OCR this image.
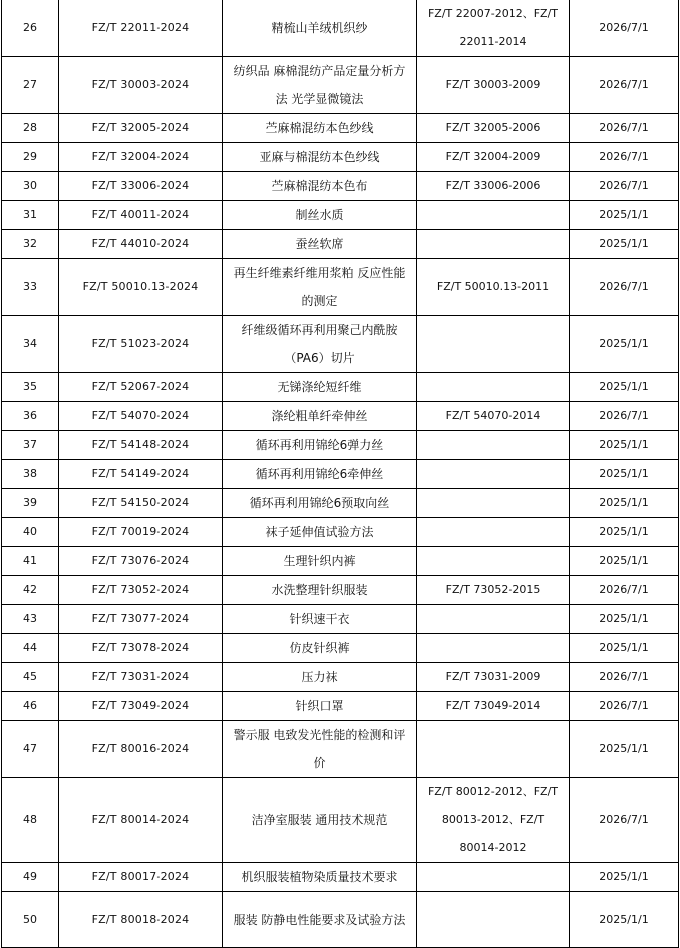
26	FZ/T 22011-2024	精梳山羊绒机织纱	FZ/T 22007-2012、FZ/T 22011-2014	2026/7/1
27	FZ/T 30003-2024	纺织品 麻棉混纺产品定量分析方法 光学显微镜法	FZ/T 30003-2009	2026/7/1
28	FZ/T 32005-2024	苎麻棉混纺本色纱线	FZ/T 32005-2006	2026/7/1
29	FZ/T 32004-2024	亚麻与棉混纺本色纱线	FZ/T 32004-2009	2026/7/1
30	FZ/T 33006-2024	苎麻棉混纺本色布	FZ/T 33006-2006	2026/7/1
31	FZ/T 40011-2024	制丝水质		2025/1/1
32	FZ/T 44010-2024	蚕丝软席		2025/1/1
33	FZ/T 50010.13-2024	再生纤维素纤维用浆粕 反应性能的测定	FZ/T 50010.13-2011	2026/7/1
34	FZ/T 51023-2024	纤维级循环再利用聚己内酰胺（PA6）切片		2025/1/1
35	FZ/T 52067-2024	无锑涤纶短纤维		2025/1/1
36	FZ/T 54070-2024	涤纶粗单纤牵伸丝	FZ/T 54070-2014	2026/7/1
37	FZ/T 54148-2024	循环再利用锦纶6弹力丝		2025/1/1
38	FZ/T 54149-2024	循环再利用锦纶6牵伸丝		2025/1/1
39	FZ/T 54150-2024	循环再利用锦纶6预取向丝		2025/1/1
40	FZ/T 70019-2024	袜子延伸值试验方法		2025/1/1
41	FZ/T 73076-2024	生理针织内裤		2025/1/1
42	FZ/T 73052-2024	水洗整理针织服装	FZ/T 73052-2015	2026/7/1
43	FZ/T 73077-2024	针织速干衣		2025/1/1
44	FZ/T 73078-2024	仿皮针织裤		2025/1/1
45	FZ/T 73031-2024	压力袜	FZ/T 73031-2009	2026/7/1
46	FZ/T 73049-2024	针织口罩	FZ/T 73049-2014	2026/7/1
47	FZ/T 80016-2024	警示服 电致发光性能的检测和评价		2025/1/1
48	FZ/T 80014-2024	洁净室服装 通用技术规范	FZ/T 80012-2012、FZ/T 80013-2012、FZ/T 80014-2012	2026/7/1
49	FZ/T 80017-2024	机织服装植物染质量技术要求		2025/1/1
50	FZ/T 80018-2024	服装 防静电性能要求及试验方法		2025/1/1
